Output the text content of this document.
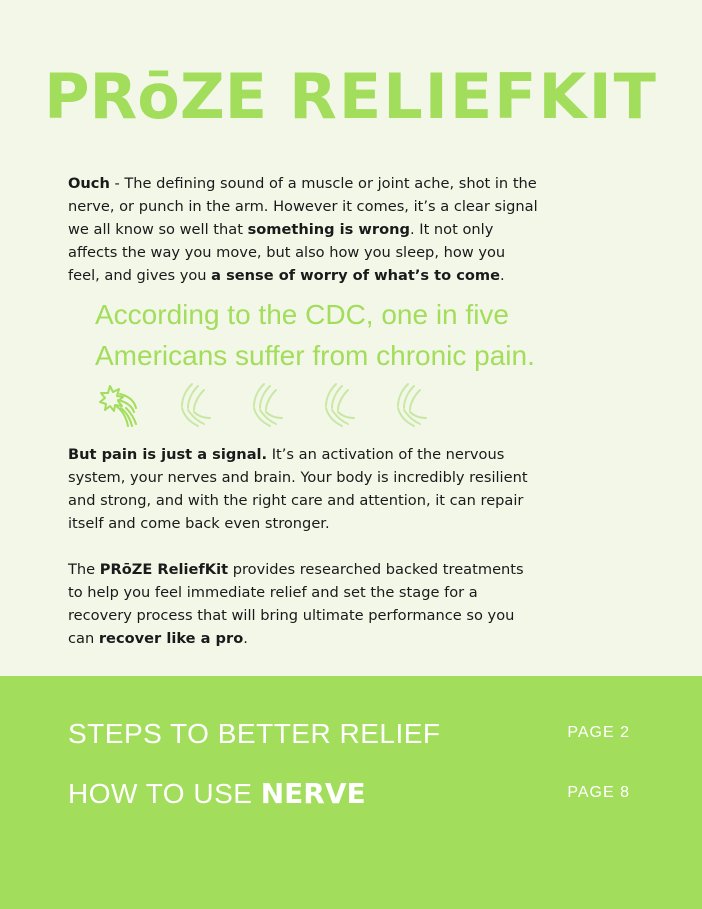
PRōZE RELIEFKIT

Ouch - The defining sound of a muscle or joint ache, shot in the nerve, or punch in the arm. However it comes, it’s a clear signal we all know so well that something is wrong. It not only affects the way you move, but also how you sleep, how you feel, and gives you a sense of worry of what’s to come.

According to the CDC, one in five
Americans suffer from chronic pain.

But pain is just a signal. It’s an activation of the nervous system, your nerves and brain. Your body is incredibly resilient and strong, and with the right care and attention, it can repair itself and come back even stronger.

The PRōZE ReliefKit provides researched backed treatments to help you feel immediate relief and set the stage for a recovery process that will bring ultimate performance so you can recover like a pro.

STEPS TO BETTER RELIEF	PAGE 2
HOW TO USE NERVE	PAGE 8
